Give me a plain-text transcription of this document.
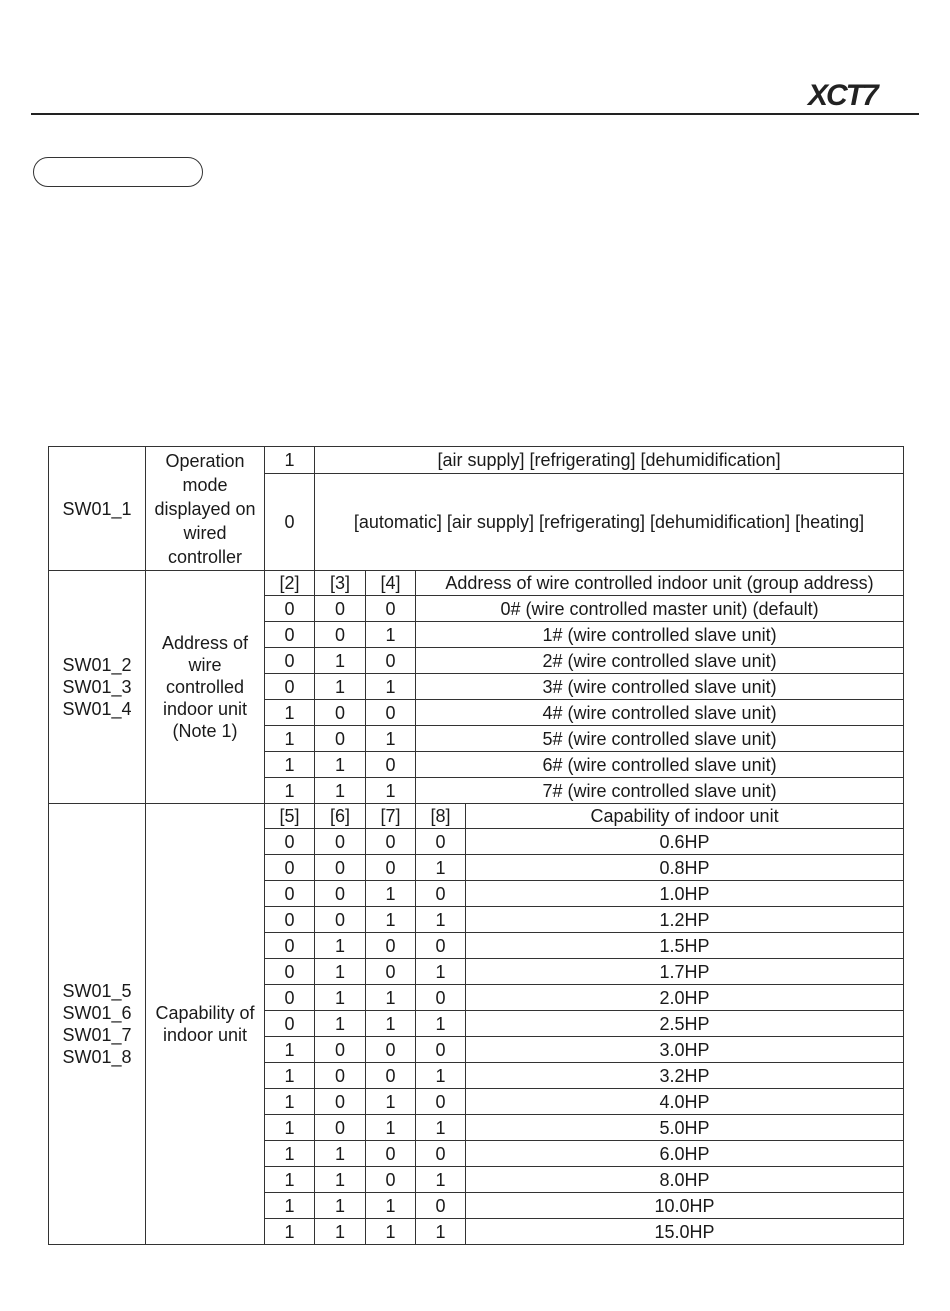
XCT7
SW01_1	Operation mode displayed on wired controller	1	[air supply] [refrigerating] [dehumidification]			
		0	[automatic] [air supply] [refrigerating] [dehumidification] [heating]			

SW01_2
SW01_3
SW01_4	Address of wire controlled indoor unit (Note 1)	[2]	[3]	[4]	Address of wire controlled indoor unit (group address)	
		0	0	0	0# (wire controlled master unit) (default)	
		0	0	1	1# (wire controlled slave unit)	
		0	1	0	2# (wire controlled slave unit)	
		0	1	1	3# (wire controlled slave unit)	
		1	0	0	4# (wire controlled slave unit)	
		1	0	1	5# (wire controlled slave unit)	
		1	1	0	6# (wire controlled slave unit)	
		1	1	1	7# (wire controlled slave unit)	

SW01_5
SW01_6
SW01_7
SW01_8	Capability of indoor unit	[5]	[6]	[7]	[8]	Capability of indoor unit
		0	0	0	0	0.6HP
		0	0	0	1	0.8HP
		0	0	1	0	1.0HP
		0	0	1	1	1.2HP
		0	1	0	0	1.5HP
		0	1	0	1	1.7HP
		0	1	1	0	2.0HP
		0	1	1	1	2.5HP
		1	0	0	0	3.0HP
		1	0	0	1	3.2HP
		1	0	1	0	4.0HP
		1	0	1	1	5.0HP
		1	1	0	0	6.0HP
		1	1	0	1	8.0HP
		1	1	1	0	10.0HP
		1	1	1	1	15.0HP
